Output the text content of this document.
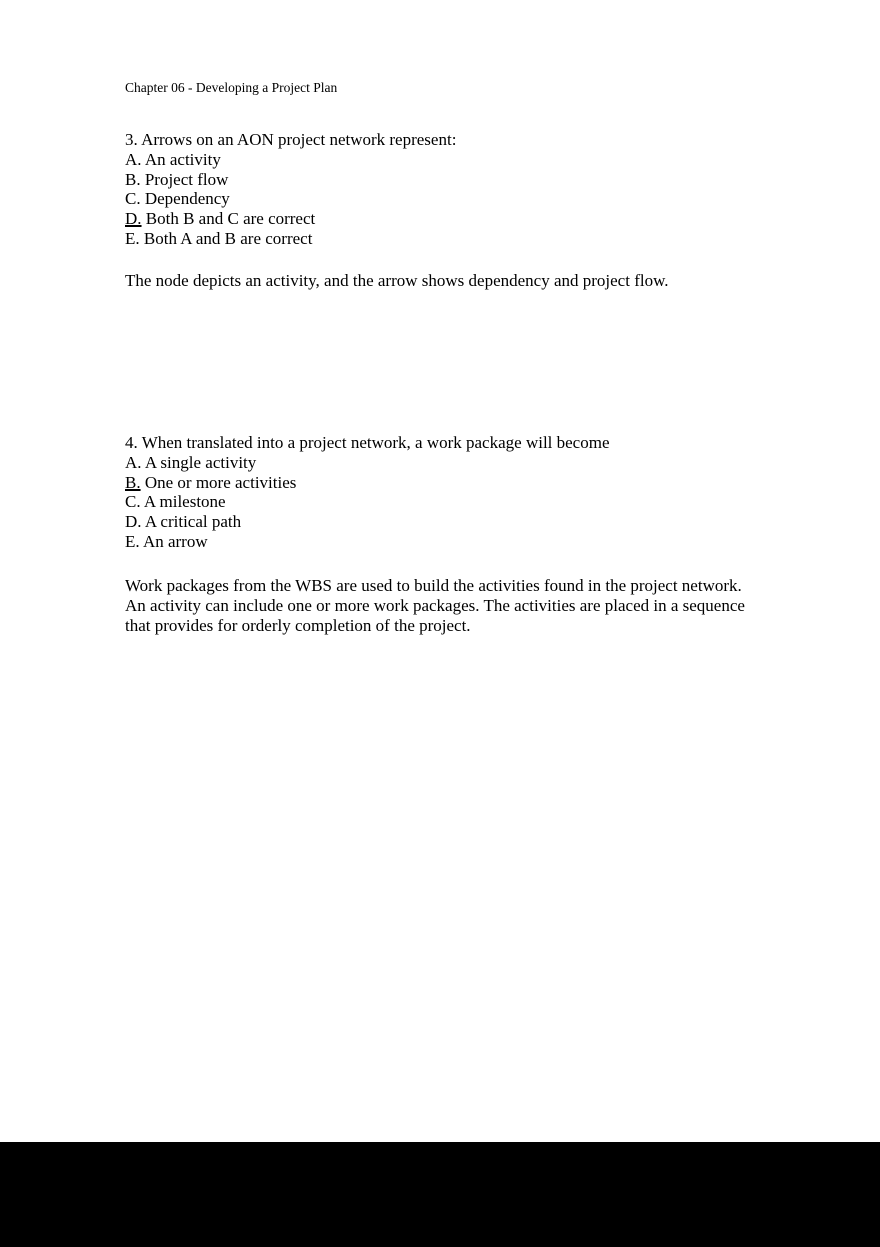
Chapter 06 - Developing a Project Plan
3. Arrows on an AON project network represent:
A. An activity
B. Project flow
C. Dependency
D. Both B and C are correct
E. Both A and B are correct
The node depicts an activity, and the arrow shows dependency and project flow.
4. When translated into a project network, a work package will become
A. A single activity
B. One or more activities
C. A milestone
D. A critical path
E. An arrow
Work packages from the WBS are used to build the activities found in the project network. An activity can include one or more work packages. The activities are placed in a sequence that provides for orderly completion of the project.
